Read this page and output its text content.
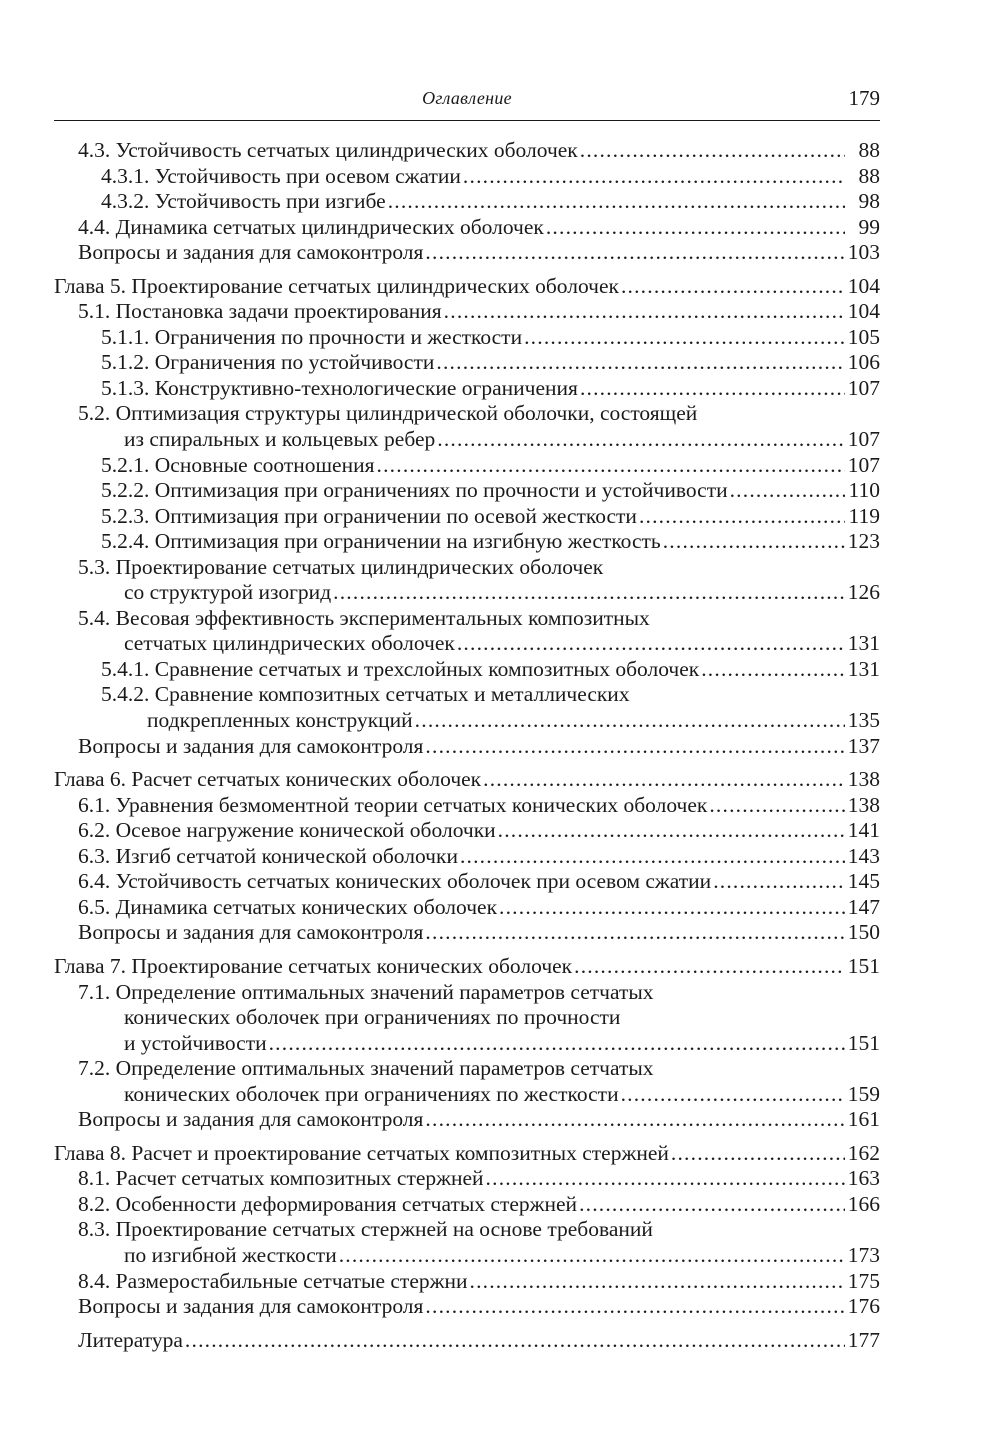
Оглавление	179
4.3. Устойчивость сетчатых цилиндрических оболочек .....	88
4.3.1. Устойчивость при осевом сжатии .....	88
4.3.2. Устойчивость при изгибе .....	98
4.4. Динамика сетчатых цилиндрических оболочек .....	99
Вопросы и задания для самоконтроля .....	103
Глава 5. Проектирование сетчатых цилиндрических оболочек .....	104
5.1. Постановка задачи проектирования .....	104
5.1.1. Ограничения по прочности и жесткости .....	105
5.1.2. Ограничения по устойчивости .....	106
5.1.3. Конструктивно-технологические ограничения .....	107
5.2. Оптимизация структуры цилиндрической оболочки, состоящей
из спиральных и кольцевых ребер .....	107
5.2.1. Основные соотношения .....	107
5.2.2. Оптимизация при ограничениях по прочности и устойчивости .....	110
5.2.3. Оптимизация при ограничении по осевой жесткости .....	119
5.2.4. Оптимизация при ограничении на изгибную жесткость .....	123
5.3. Проектирование сетчатых цилиндрических оболочек
со структурой изогрид .....	126
5.4. Весовая эффективность экспериментальных композитных
сетчатых цилиндрических оболочек .....	131
5.4.1. Сравнение сетчатых и трехслойных композитных оболочек .....	131
5.4.2. Сравнение композитных сетчатых и металлических
подкрепленных конструкций .....	135
Вопросы и задания для самоконтроля .....	137
Глава 6. Расчет сетчатых конических оболочек .....	138
6.1. Уравнения безмоментной теории сетчатых конических оболочек .....	138
6.2. Осевое нагружение конической оболочки .....	141
6.3. Изгиб сетчатой конической оболочки .....	143
6.4. Устойчивость сетчатых конических оболочек при осевом сжатии .....	145
6.5. Динамика сетчатых конических оболочек .....	147
Вопросы и задания для самоконтроля .....	150
Глава 7. Проектирование сетчатых конических оболочек .....	151
7.1. Определение оптимальных значений параметров сетчатых
конических оболочек при ограничениях по прочности
и устойчивости .....	151
7.2. Определение оптимальных значений параметров сетчатых
конических оболочек при ограничениях по жесткости .....	159
Вопросы и задания для самоконтроля .....	161
Глава 8. Расчет и проектирование сетчатых композитных стержней .....	162
8.1. Расчет сетчатых композитных стержней .....	163
8.2. Особенности деформирования сетчатых стержней .....	166
8.3. Проектирование сетчатых стержней на основе требований
по изгибной жесткости .....	173
8.4. Размеростабильные сетчатые стержни .....	175
Вопросы и задания для самоконтроля .....	176
Литература .....	177
